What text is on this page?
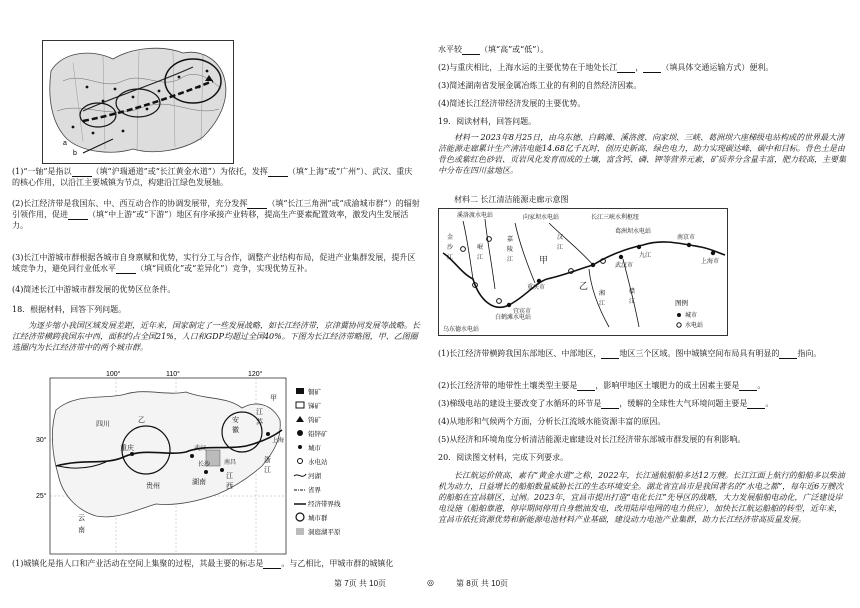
a
b

(1)“一轴”是指以	（填“沪瑞通道”或“长江黄金水道”）为依托，发挥	（填“上海”或“广州”）、武汉、重庆的核心作用，以沿江主要城镇为节点，构建沿江绿色发展轴。

(2)长江经济带是我国东、中、西互动合作的协调发展带，充分发挥	（填“长江三角洲”或“成渝城市群”）的辐射引领作用，促进	（填“中上游”或“下游”）地区有序承接产业转移，提高生产要素配置效率，激发内生发展活力。

(3)长江中游城市群根据各城市自身禀赋和优势，实行分工与合作，调整产业结构布局，促进产业集群发展，提升区域竞争力，避免同行业低水平	（填“同质化”或“差异化”）竞争，实现优势互补。

(4)简述长江中游城市群发展的优势区位条件。

18．根据材料，回答下列问题。

为逐步缩小我国区域发展差距，近年来，国家制定了一些发展战略，如长江经济带，京津冀协同发展等战略。长江经济带横跨我国东中西，面积约占全国21%，人口和GDP均超过全国40%。下图为长江经济带略图，甲、乙图圈选圈内为长江经济带中的两个城市群。

100°	110°	120°
30°
25°
四川
云
南
贵州
湖南
江
西
安
徽
江
苏
浙
江
重庆
甲
乙
上海
长沙 南昌
武汉
铜矿
锑矿
钨矿
铅锌矿
城市
水电站
河湖
省界
经济带界线
城市群
洞庭湖平原

(1)城镇化是指人口和产业活动在空间上集聚的过程，其最主要的标志是 。与乙相比，甲城市群的城镇化

水平较 （填“高”或“低”）。

(2)与重庆相比，上海水运的主要优势在于地处长江 ， （填具体交通运输方式）便利。

(3)简述湖南省发展金属冶炼工业的有利的自然经济因素。

(4)简述长江经济带经济发展的主要优势。

19．阅读材料，回答问题。

材料一 2023年8月25日，由乌东德、白鹤滩、溪洛渡、向家坝、三峡、葛洲坝六座梯级电站构成的世界最大清洁能源走廊累计生产清洁电能14.68亿千瓦时，创历史新高，绿色电力，助力实现碳达峰、碳中和目标。骨色土是由骨色或紫红色砂岩、页岩风化发育而成的土壤，富含钙、磷、钾等营养元素，矿质养分含量丰富，肥力较高，主要集中分布在四川盆地区。

材料二 长江清洁能源走廊示意图

溪洛渡水电站	向家坝水电站	长江三峡水利枢纽
葛洲坝水电站
金
沙
江
岷
江
嘉
陵
江
汉
江
湘
江
赣
江
宜宾市
重庆市
武汉市
九江
南京市
上海市
白鹤滩水电站
乌东德水电站
甲
乙
图例
城市
水电站

(1)长江经济带横跨我国东部地区、中部地区， 地区三个区域。图中城镇空间布局具有明显的 指向。

(2)长江经济带的地带性土壤类型主要是 ，影响甲地区土壤肥力的成土因素主要是 。

(3)梯级电站的建设主要改变了水循环的环节是 ，缓解的全球性大气环境问题主要是 。

(4)从地形和气候两个方面，分析长江流域水能资源丰富的原因。

(5)从经济和环境角度分析清洁能源走廊建设对长江经济带东部城市群发展的有利影响。

20．阅读图文材料，完成下列要求。

长江航运价值高，素有“黄金水道”之称，2022年，长江通航船舶多达12万艘。长江江面上航行的船舶多以柴油机为动力，日益增长的船舶数量威胁长江的生态环境安全。湖北省宜昌市是我国著名的“水电之都”，每年近6万艘次的船舶在宜昌辖区，过闸。2023年，宜昌市提出打造“电化长江”先导区的战略，大力发展船舶电动化，广泛建设岸电设施（船舶靠港，停岸期间停用自身燃油发电，改用陆岸电网的电力供应），加快长江航运船舶的转型，近年来，宜昌市依托资源优势和新能源电池材料产业基础，建设动力电池产业集群，助力长江经济带高质量发展。

第 7页 共 10页	◎	第 8页 共 10页
